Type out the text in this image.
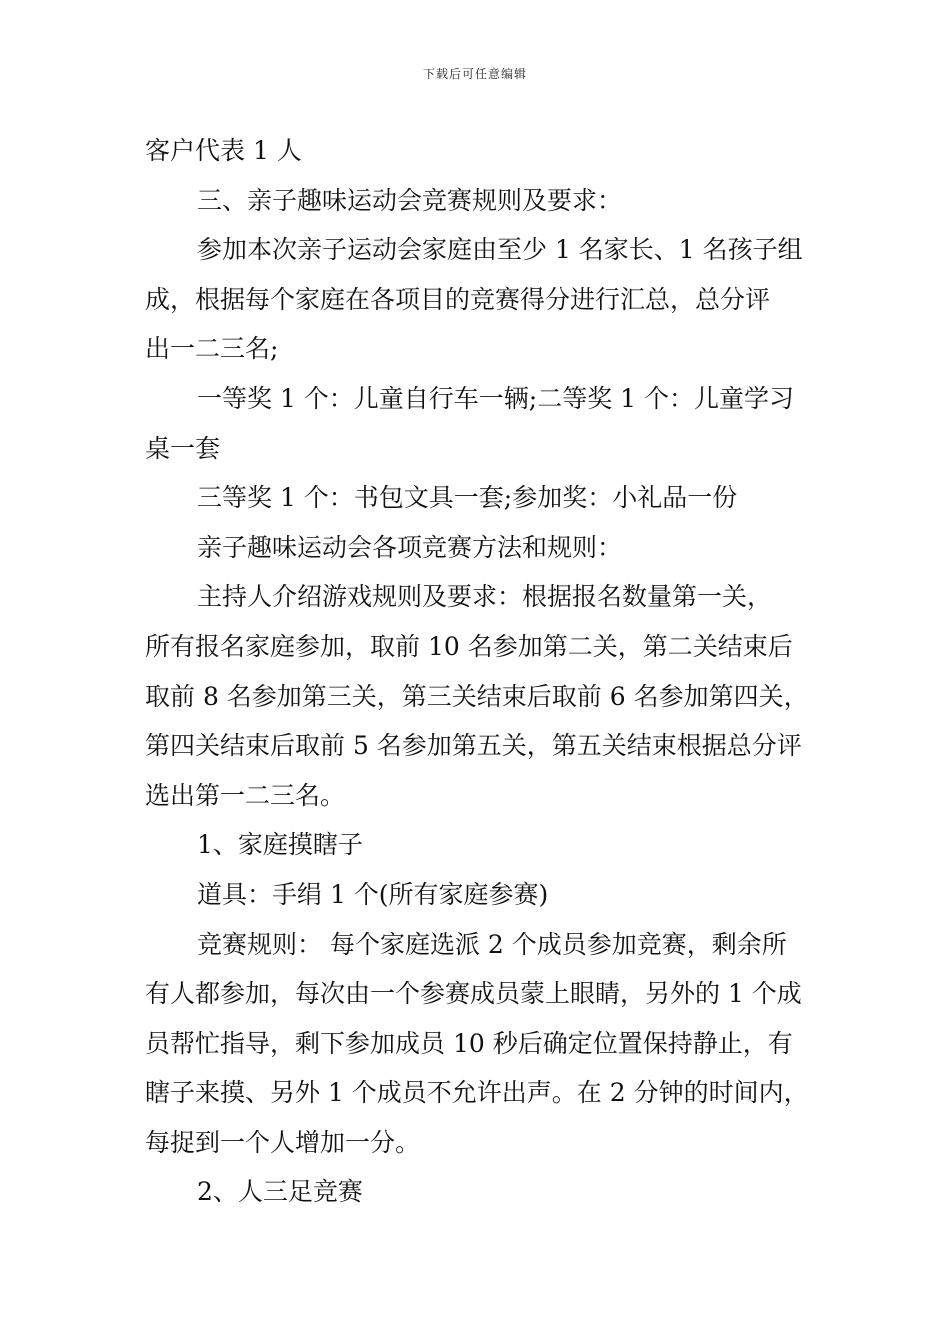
下载后可任意编辑
客户代表 1 人
三、亲子趣味运动会竞赛规则及要求：
参加本次亲子运动会家庭由至少 1 名家长、1 名孩子组
成，根据每个家庭在各项目的竞赛得分进行汇总，总分评
出一二三名;
一等奖 1 个：儿童自行车一辆;二等奖 1 个：儿童学习
桌一套
三等奖 1 个：书包文具一套;参加奖：小礼品一份
亲子趣味运动会各项竞赛方法和规则：
主持人介绍游戏规则及要求：根据报名数量第一关，
所有报名家庭参加，取前 10 名参加第二关，第二关结束后
取前 8 名参加第三关，第三关结束后取前 6 名参加第四关，
第四关结束后取前 5 名参加第五关，第五关结束根据总分评
选出第一二三名。
1、家庭摸瞎子
道具：手绢 1 个(所有家庭参赛)
竞赛规则： 每个家庭选派 2 个成员参加竞赛，剩余所
有人都参加，每次由一个参赛成员蒙上眼睛，另外的 1 个成
员帮忙指导，剩下参加成员 10 秒后确定位置保持静止，有
瞎子来摸、另外 1 个成员不允许出声。在 2 分钟的时间内，
每捉到一个人增加一分。
2、人三足竞赛
